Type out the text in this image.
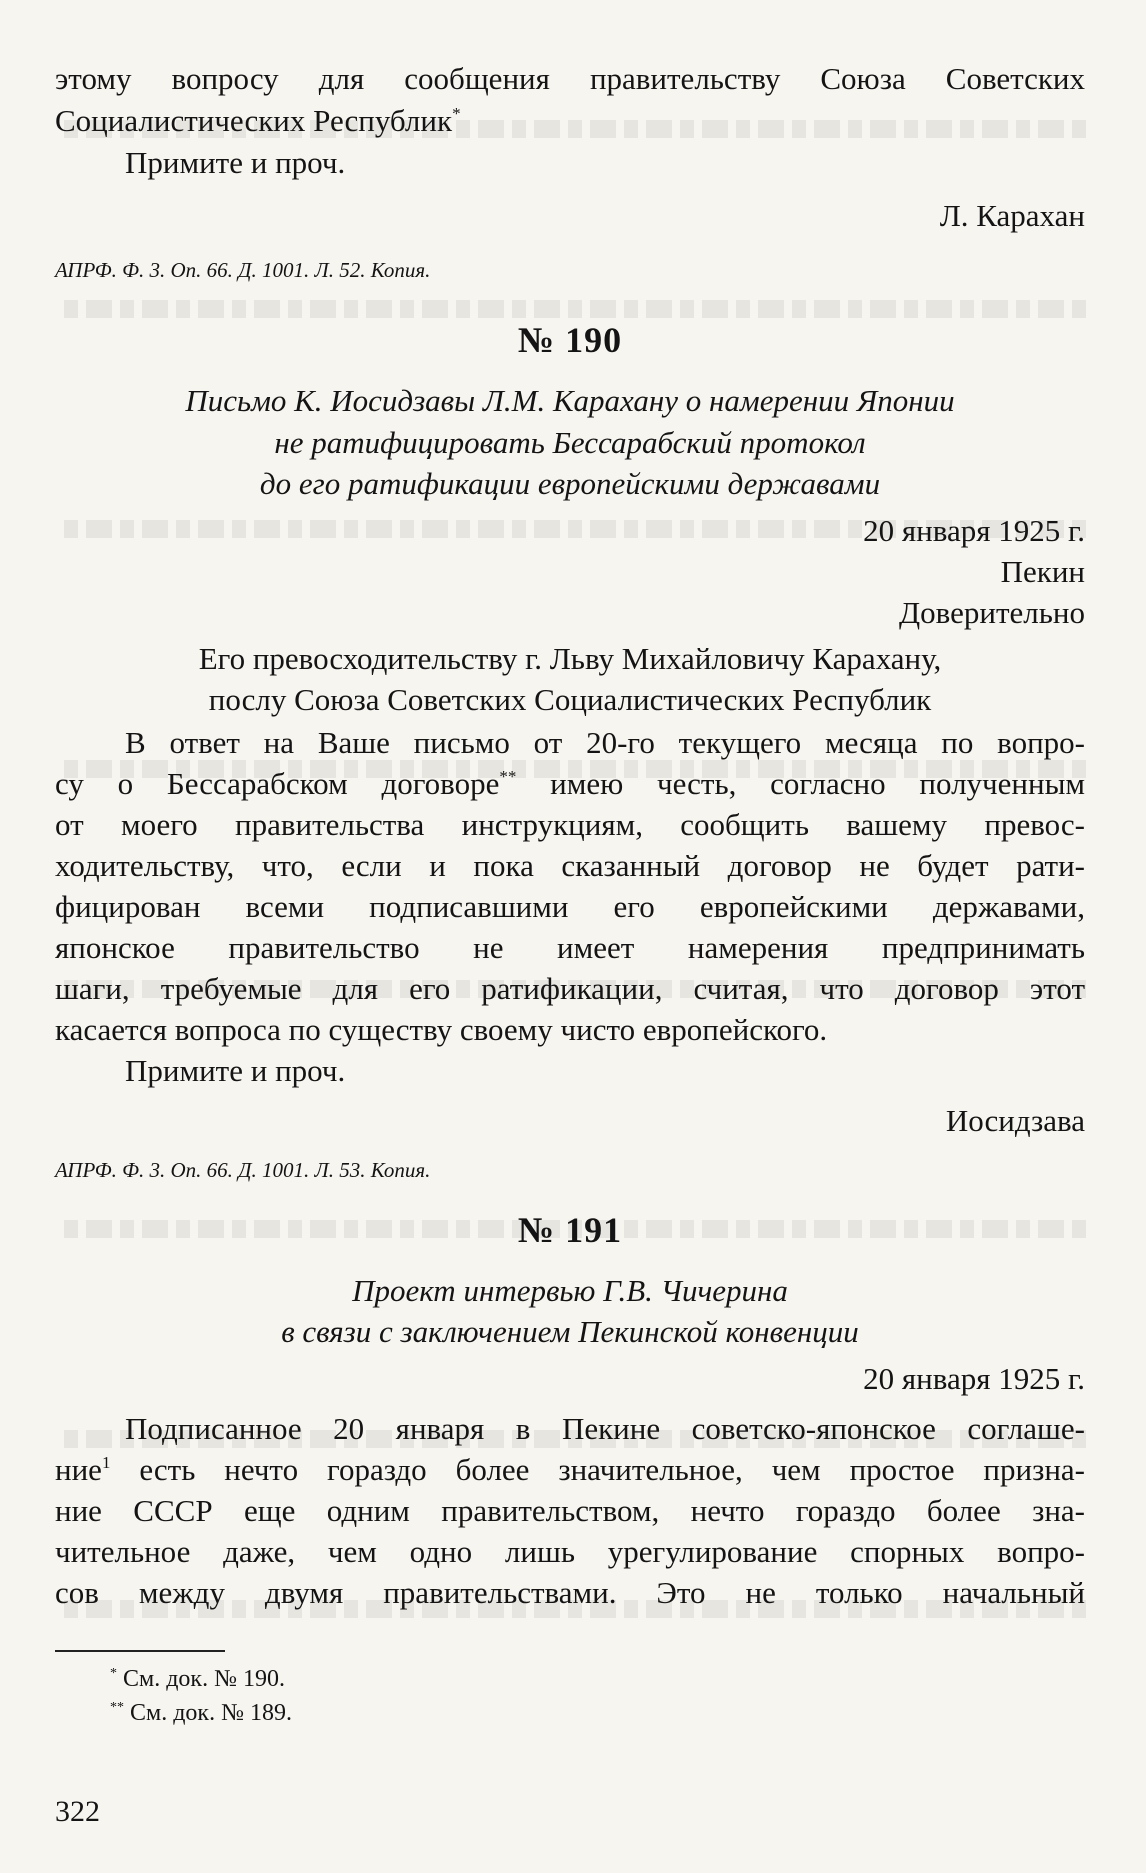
этому вопросу для сообщения правительству Союза Советских

Социалистических Республик*

Примите и проч.

Л. Карахан

АПРФ. Ф. 3. Оп. 66. Д. 1001. Л. 52. Копия.

№ 190

Письмо К. Иосидзавы Л.М. Карахану о намерении Японии

не ратифицировать Бессарабский протокол

до его ратификации европейскими державами

20 января 1925 г.

Пекин

Доверительно

Его превосходительству г. Льву Михайловичу Карахану,

послу Союза Советских Социалистических Республик

В ответ на Ваше письмо от 20-го текущего месяца по вопро-

су о Бессарабском договоре** имею честь, согласно полученным

от моего правительства инструкциям, сообщить вашему превос-

ходительству, что, если и пока сказанный договор не будет рати-

фицирован всеми подписавшими его европейскими державами,

японское правительство не имеет намерения предпринимать

шаги, требуемые для его ратификации, считая, что договор этот

касается вопроса по существу своему чисто европейского.

Примите и проч.

Иосидзава

АПРФ. Ф. 3. Оп. 66. Д. 1001. Л. 53. Копия.

№ 191

Проект интервью Г.В. Чичерина

в связи с заключением Пекинской конвенции

20 января 1925 г.

Подписанное 20 января в Пекине советско-японское соглаше-

ние$^1$ есть нечто гораздо более значительное, чем простое призна-

ние СССР еще одним правительством, нечто гораздо более зна-

чительное даже, чем одно лишь урегулирование спорных вопро-

сов между двумя правительствами. Это не только начальный

* См. док. № 190.

** См. док. № 189.

322
